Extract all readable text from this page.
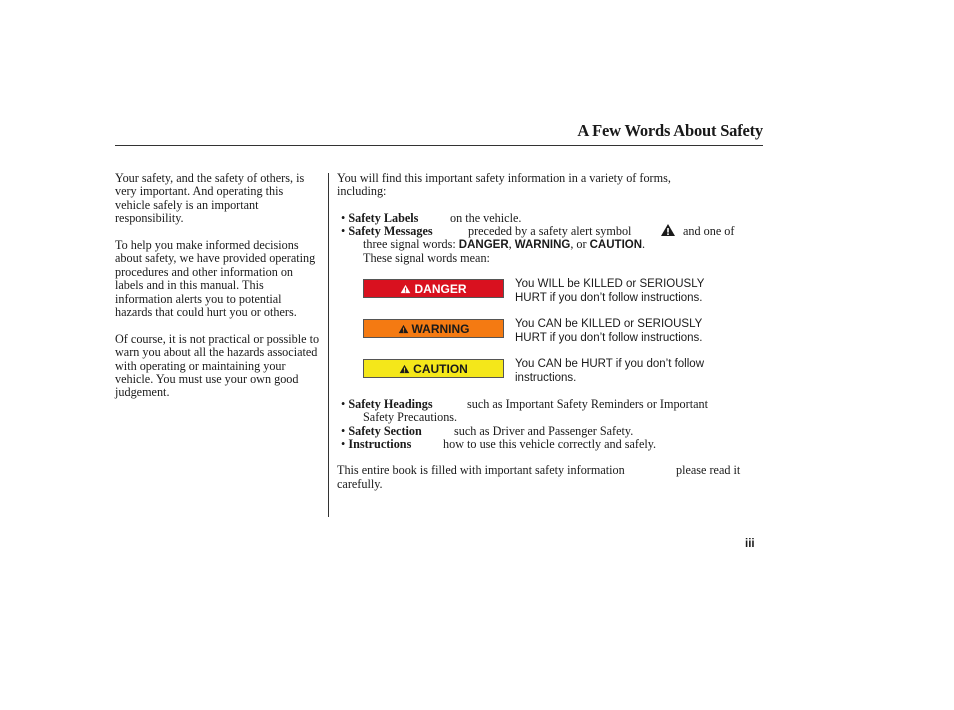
A Few Words About Safety

Your safety, and the safety of others, is very important. And operating this vehicle safely is an important responsibility.

To help you make informed decisions about safety, we have provided operating procedures and other information on labels and in this manual. This information alerts you to potential hazards that could hurt you or others.

Of course, it is not practical or possible to warn you about all the hazards associated with operating or maintaining your vehicle. You must use your own good judgement.

You will find this important safety information in a variety of forms,

including:

• Safety Labels	on the vehicle.
• Safety Messages	preceded by a safety alert symbol	and one of
three signal words: DANGER, WARNING, or CAUTION.
These signal words mean:
DANGER	You WILL be KILLED or SERIOUSLY
HURT if you don’t follow instructions.
WARNING	You CAN be KILLED or SERIOUSLY
HURT if you don’t follow instructions.
CAUTION	You CAN be HURT if you don’t follow
instructions.
• Safety Headings	such as Important Safety Reminders or Important
Safety Precautions.
• Safety Section	such as Driver and Passenger Safety.
• Instructions	how to use this vehicle correctly and safely.
This entire book is filled with important safety information	please read it
carefully.
iii
